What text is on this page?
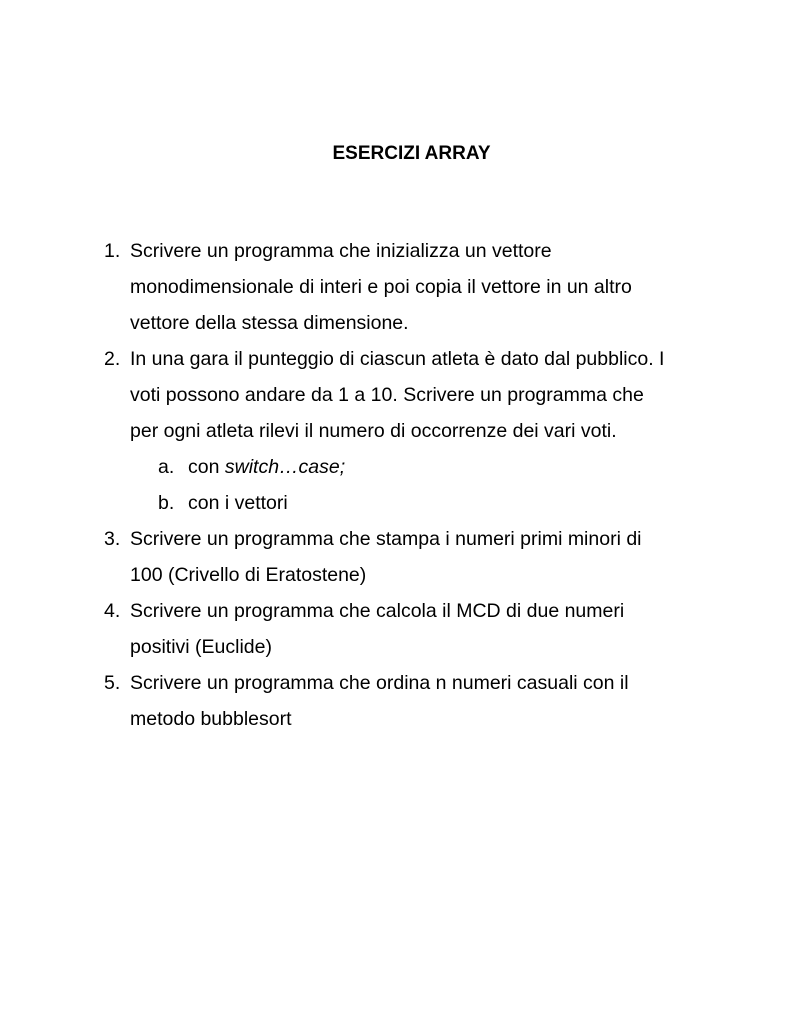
ESERCIZI ARRAY
1. Scrivere un programma che inizializza un vettore
monodimensionale di interi e poi copia il vettore in un altro
vettore della stessa dimensione.
2. In una gara il punteggio di ciascun atleta è dato dal pubblico. I
voti possono andare da 1 a 10. Scrivere un programma che
per ogni atleta rilevi il numero di occorrenze dei vari voti.
a. con switch…case;
b. con i vettori
3. Scrivere un programma che stampa i numeri primi minori di
100 (Crivello di Eratostene)
4. Scrivere un programma che calcola il MCD di due numeri
positivi (Euclide)
5. Scrivere un programma che ordina n numeri casuali con il
metodo bubblesort
